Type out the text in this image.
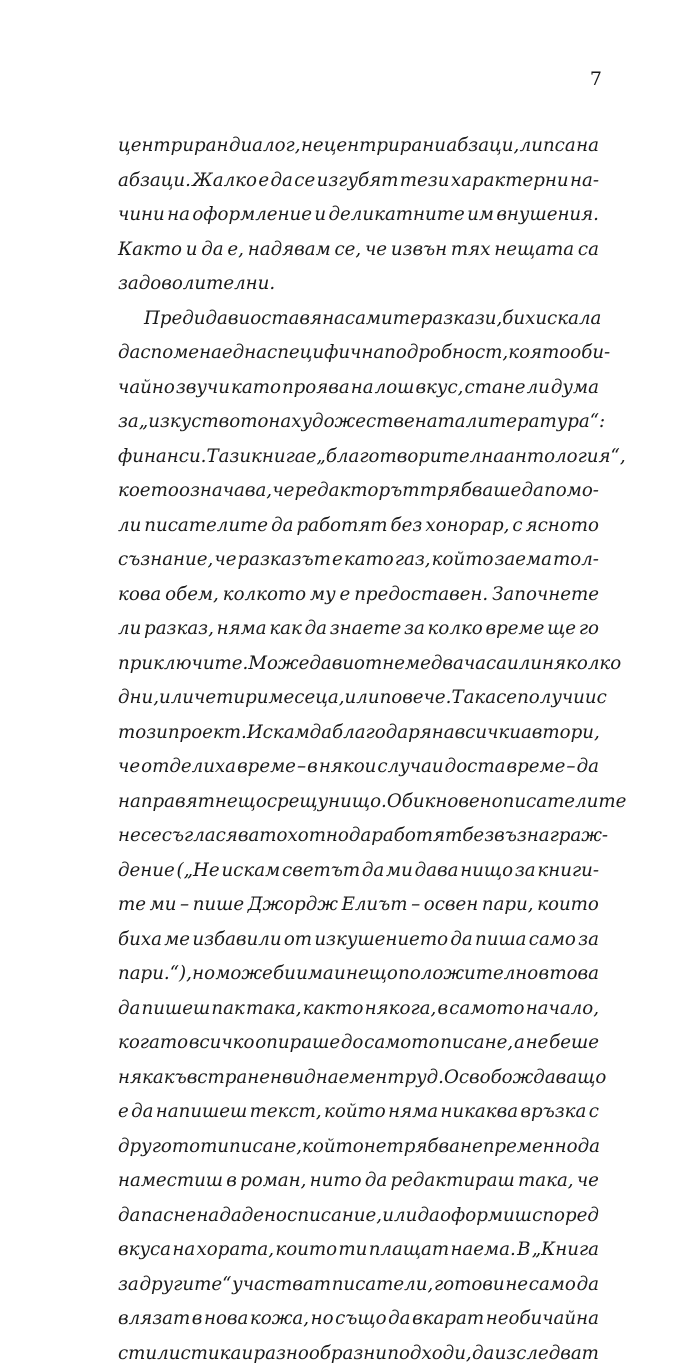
7
центриран диалог, нецентрирани абзаци, липса на
абзаци. Жалко е да се изгубят тези характерни на-
чини на оформление и деликатните им внушения.
Както и да е, надявам се, че извън тях нещата са
задоволителни.
Преди да ви оставя на самите разкази, бих искала
да спомена една специфична подробност, която оби-
чайно звучи като проява на лош вкус, стане ли дума
за „изкуството на художествената литература“:
финанси. Тази книга е „благотворителна антология“,
което означава, че редакторът трябваше да помо-
ли писателите да работят без хонорар, с ясното
съзнание, че разказът е като газ, който заема тол-
кова обем, колкото му е предоставен. Започнете
ли разказ, няма как да знаете за колко време ще го
приключите. Може да ви отнеме два часа или няколко
дни, или четири месеца, или повече. Така се получи и с
този проект. Искам да благодаря на всички автори,
че отделиха време – в някои случаи доста време – да
направят нещо срещу нищо. Обикновено писателите
не се съгласяват охотно да работят без възнаграж-
дение („Не искам светът да ми дава нищо за книги-
те ми – пише Джордж Елиът – освен пари, които
биха ме избавили от изкушението да пиша само за
пари.“), но може би има и нещо положително в това
да пишеш пак така, както някога, в самото начало,
когато всичко опираше до самото писане, а не беше
някакъв странен вид наемен труд. Освобождаващо
е да напишеш текст, който няма никаква връзка с
другото ти писане, който не трябва непременно да
наместиш в роман, нито да редактираш така, че
да пасне на дадено списание, или да оформиш според
вкуса на хората, които ти плащат наема. В „Книга
за другите“ участват писатели, готови не само да
влязат в нова кожа, но също да вкарат необичайна
стилистика и разнообразни подходи, да изследват
